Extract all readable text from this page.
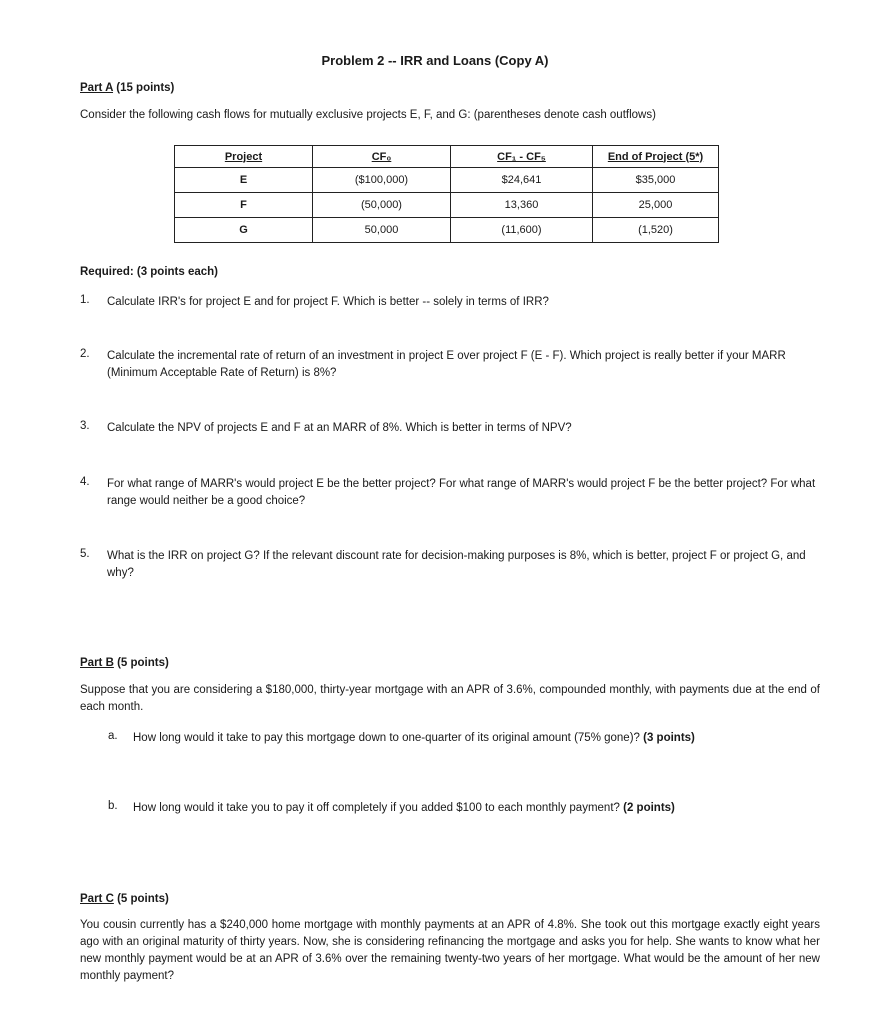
Problem 2 -- IRR and Loans (Copy A)
Part A (15 points)
Consider the following cash flows for mutually exclusive projects E, F, and G: (parentheses denote cash outflows)
Project	CF₀	CF₁ - CF₅	End of Project (5*)
E	($100,000)	$24,641	$35,000
F	(50,000)	13,360	25,000
G	50,000	(11,600)	(1,520)
Required: (3 points each)
1. Calculate IRR's for project E and for project F. Which is better -- solely in terms of IRR?
2. Calculate the incremental rate of return of an investment in project E over project F (E - F). Which project is really better if your MARR (Minimum Acceptable Rate of Return) is 8%?
3. Calculate the NPV of projects E and F at an MARR of 8%. Which is better in terms of NPV?
4. For what range of MARR's would project E be the better project? For what range of MARR's would project F be the better project? For what range would neither be a good choice?
5. What is the IRR on project G? If the relevant discount rate for decision-making purposes is 8%, which is better, project F or project G, and why?
Part B (5 points)
Suppose that you are considering a $180,000, thirty-year mortgage with an APR of 3.6%, compounded monthly, with payments due at the end of each month.
a. How long would it take to pay this mortgage down to one-quarter of its original amount (75% gone)? (3 points)
b. How long would it take you to pay it off completely if you added $100 to each monthly payment? (2 points)
Part C (5 points)
You cousin currently has a $240,000 home mortgage with monthly payments at an APR of 4.8%. She took out this mortgage exactly eight years ago with an original maturity of thirty years. Now, she is considering refinancing the mortgage and asks you for help. She wants to know what her new monthly payment would be at an APR of 3.6% over the remaining twenty-two years of her mortgage. What would be the amount of her new monthly payment?
